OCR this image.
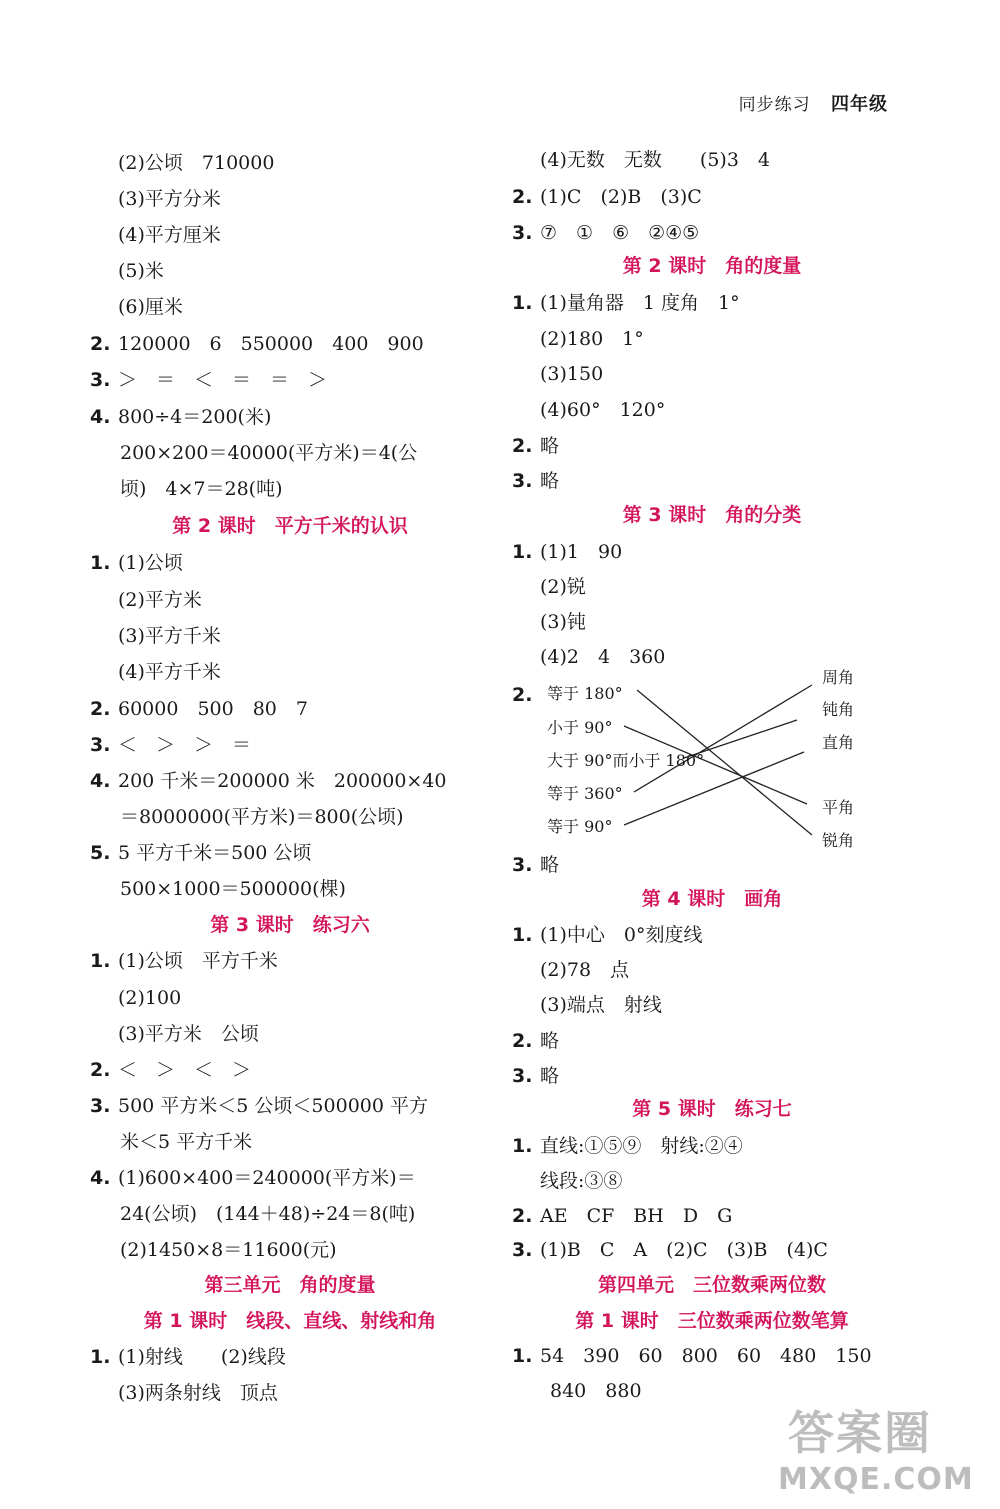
同步练习 四年级
(2)公顷　710000
(3)平方分米
(4)平方厘米
(5)米
(6)厘米
2. 120000　6　550000　400　900
3. ＞　＝　＜　＝　＝　＞
4. 800÷4＝200(米)
200×200＝40000(平方米)＝4(公
顷)　4×7＝28(吨)
第 2 课时　平方千米的认识
1. (1)公顷
(2)平方米
(3)平方千米
(4)平方千米
2. 60000　500　80　7
3. ＜　＞　＞　＝
4. 200 千米＝200000 米　200000×40
＝8000000(平方米)＝800(公顷)
5. 5 平方千米＝500 公顷
500×1000＝500000(棵)
第 3 课时　练习六
1. (1)公顷　平方千米
(2)100
(3)平方米　公顷
2. ＜　＞　＜　＞
3. 500 平方米＜5 公顷＜500000 平方
米＜5 平方千米
4. (1)600×400＝240000(平方米)＝
24(公顷)　(144＋48)÷24＝8(吨)
(2)1450×8＝11600(元)
第三单元　角的度量
第 1 课时　线段、直线、射线和角
1. (1)射线　　(2)线段
(3)两条射线　顶点
(4)无数　无数　　(5)3　4
2. (1)C　(2)B　(3)C
3. ⑦　①　⑥　②④⑤
第 2 课时　角的度量
1. (1)量角器　1 度角　1°
(2)180　1°
(3)150
(4)60°　120°
2. 略
3. 略
第 3 课时　角的分类
1. (1)1　90
(2)锐
(3)钝
(4)2　4　360
2.
3. 略
第 4 课时　画角
1. (1)中心　0°刻度线
(2)78　点
(3)端点　射线
2. 略
3. 略
第 5 课时　练习七
1. 直线:①⑤⑨　射线:②④
线段:③⑧
2. AE　CF　BH　D　G
3. (1)B　C　A　(2)C　(3)B　(4)C
第四单元　三位数乘两位数
第 1 课时　三位数乘两位数笔算
1. 54　390　60　800　60　480　150
840　880
等于 180°
小于 90°
大于 90°而小于 180°
等于 360°
等于 90°
周角
钝角
直角
平角
锐角
答案圈
MXQE.COM
